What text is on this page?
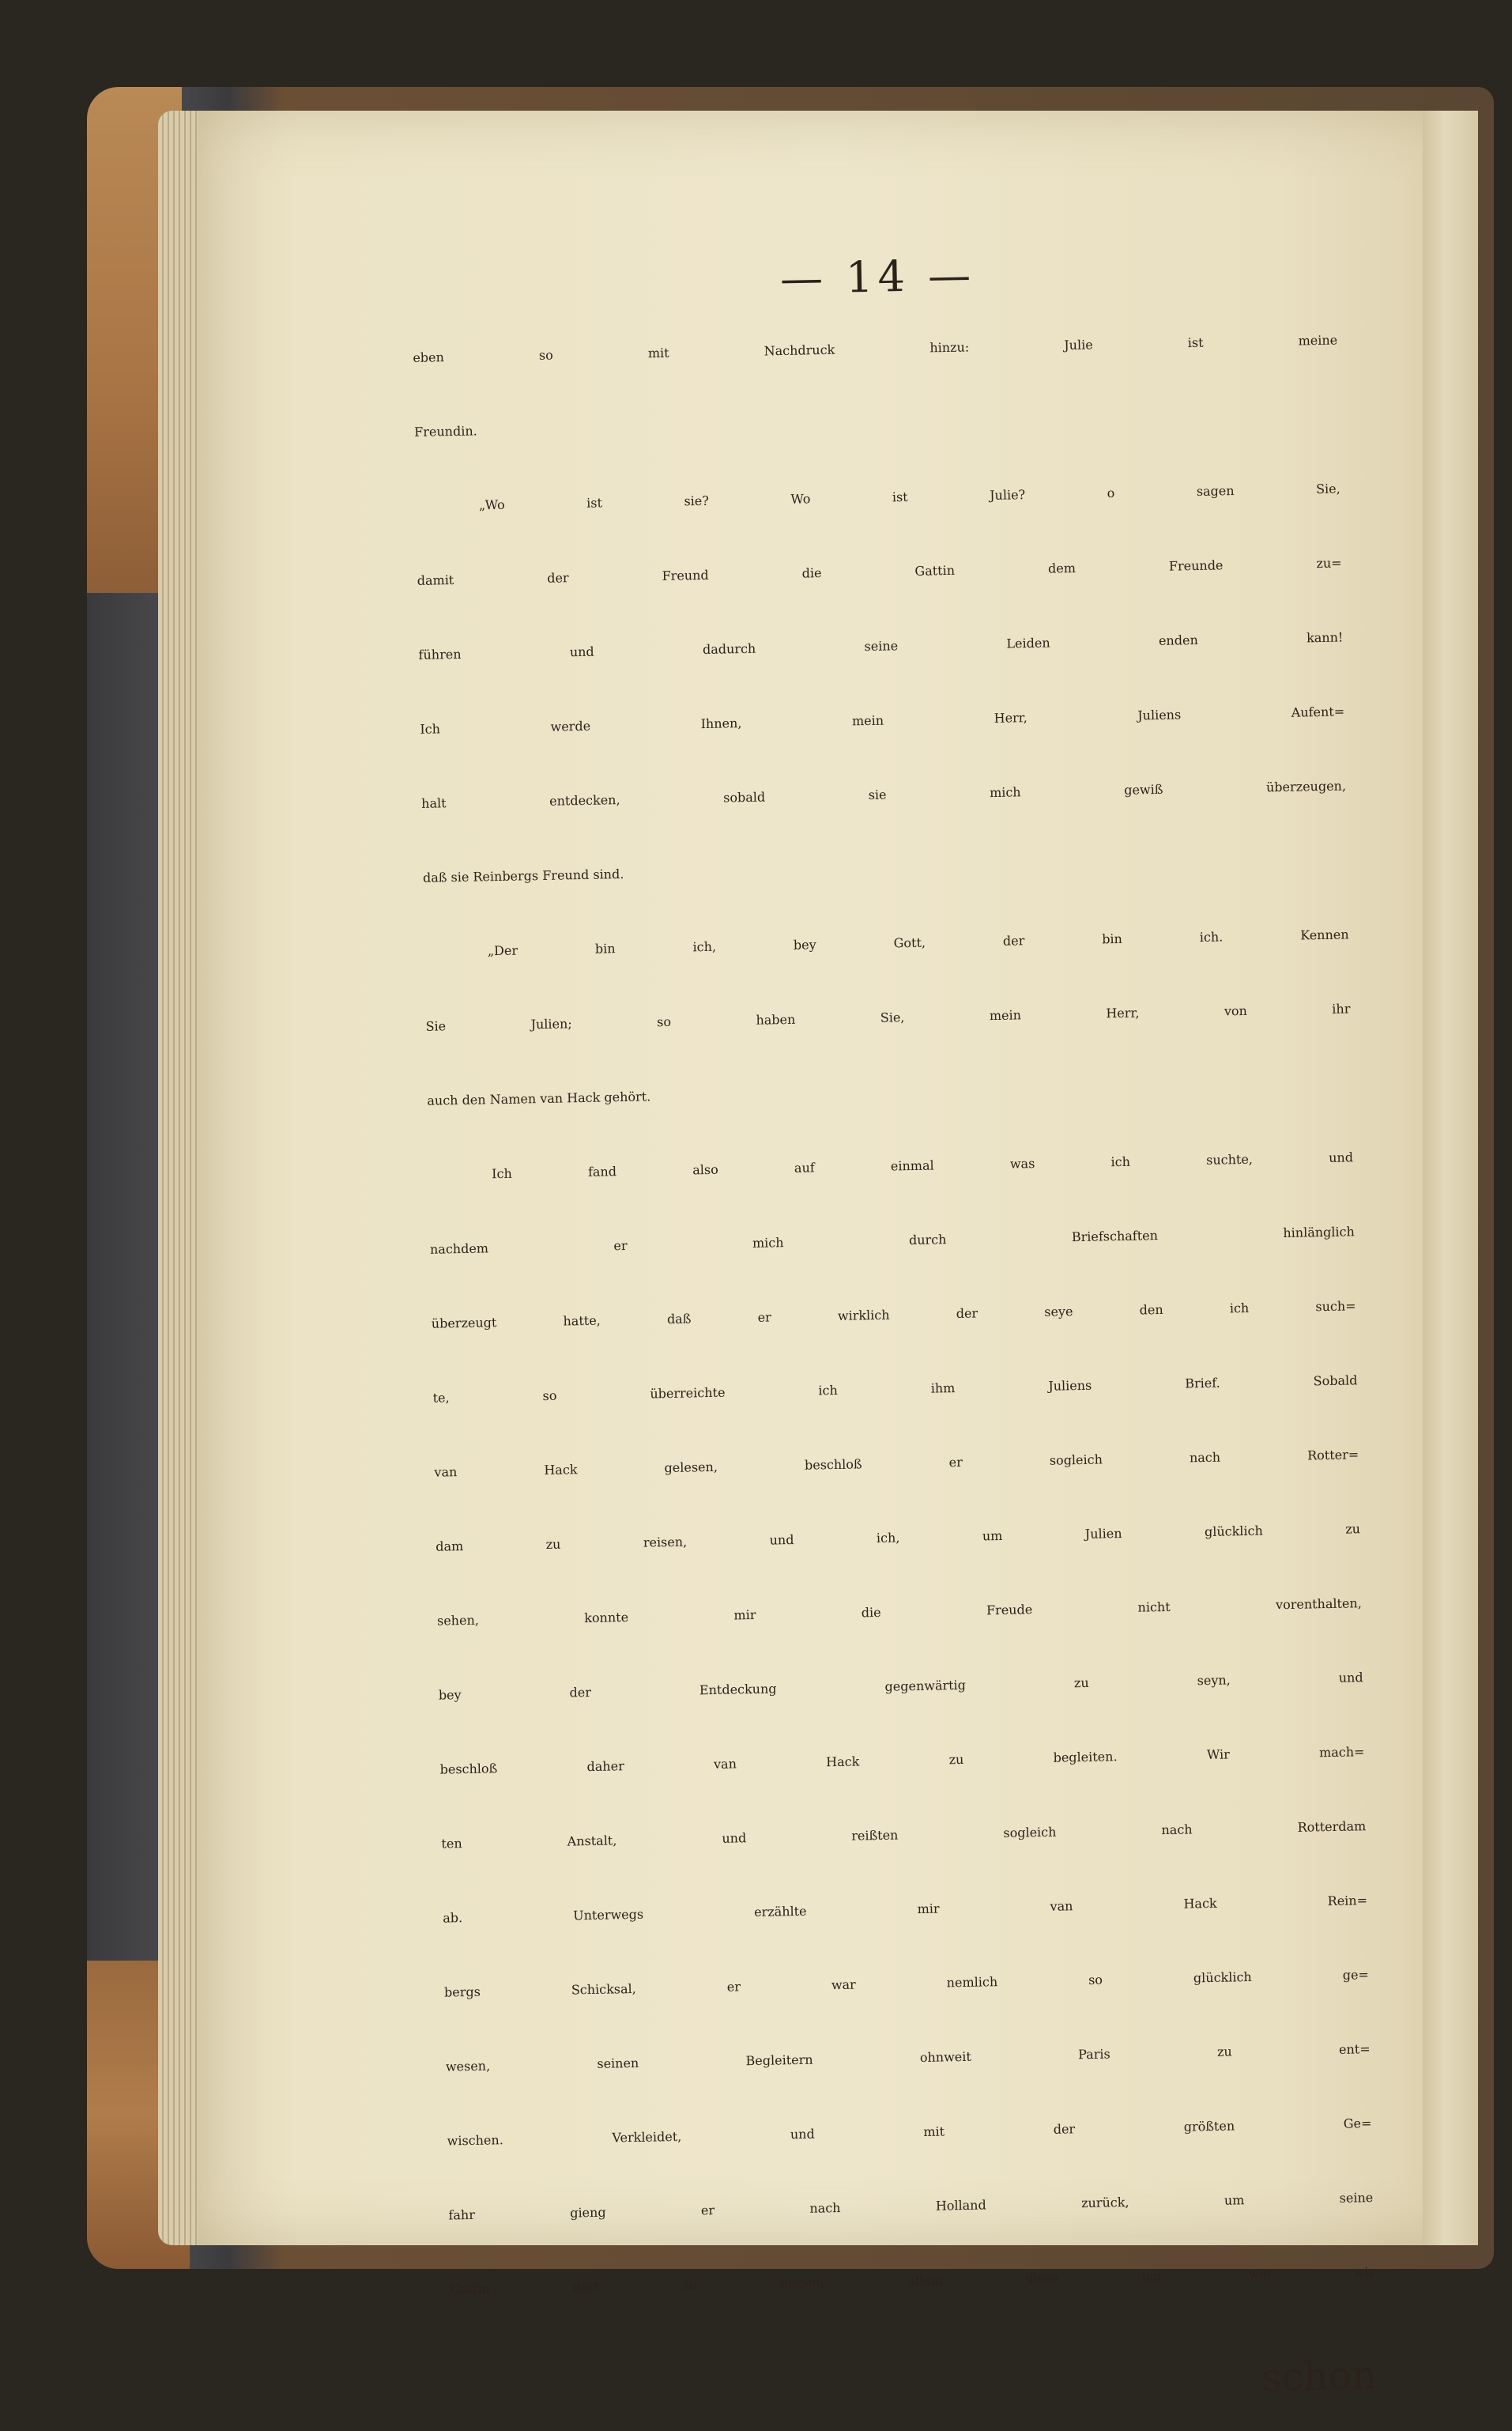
— 14 —
eben so mit Nachdruck hinzu: Julie ist meine
Freundin.
„Wo ist sie? Wo ist Julie? o sagen Sie,
damit der Freund die Gattin dem Freunde zu=
führen und dadurch seine Leiden enden kann!
Ich werde Ihnen, mein Herr, Juliens Aufent=
halt entdecken, sobald sie mich gewiß überzeugen,
daß sie Reinbergs Freund sind.
„Der bin ich, bey Gott, der bin ich. Kennen
Sie Julien; so haben Sie, mein Herr, von ihr
auch den Namen van Hack gehört.
Ich fand also auf einmal was ich suchte, und
nachdem er mich durch Briefschaften hinlänglich
überzeugt hatte, daß er wirklich der seye den ich such=
te, so überreichte ich ihm Juliens Brief. Sobald
van Hack gelesen, beschloß er sogleich nach Rotter=
dam zu reisen, und ich, um Julien glücklich zu
sehen, konnte mir die Freude nicht vorenthalten,
bey der Entdeckung gegenwärtig zu seyn, und
beschloß daher van Hack zu begleiten. Wir mach=
ten Anstalt, und reißten sogleich nach Rotterdam
ab. Unterwegs erzählte mir van Hack Rein=
bergs Schicksal, er war nemlich so glücklich ge=
wesen, seinen Begleitern ohnweit Paris zu ent=
wischen. Verkleidet, und mit der größten Ge=
fahr gieng er nach Holland zurück, um seine
Gattin dort zu finden; allein diese lag, wie wir
schon
